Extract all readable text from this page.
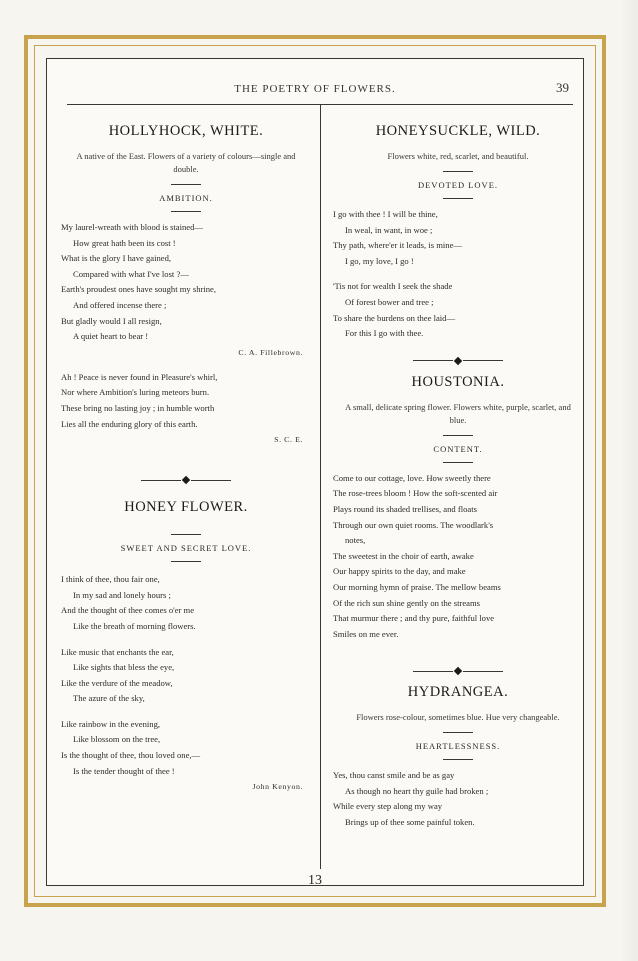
THE POETRY OF FLOWERS.	39
HOLLYHOCK, WHITE.
A native of the East. Flowers of a variety of colours—single and double.
AMBITION.
My laurel-wreath with blood is stained—
How great hath been its cost !
What is the glory I have gained,
Compared with what I've lost ?—
Earth's proudest ones have sought my shrine,
And offered incense there ;
But gladly would I all resign,
A quiet heart to bear !
C. A. Fillebrown.
Ah ! Peace is never found in Pleasure's whirl,
Nor where Ambition's luring meteors burn.
These bring no lasting joy ; in humble worth
Lies all the enduring glory of this earth.
S. C. E.
HONEY FLOWER.
SWEET AND SECRET LOVE.
I think of thee, thou fair one,
In my sad and lonely hours ;
And the thought of thee comes o'er me
Like the breath of morning flowers.
Like music that enchants the ear,
Like sights that bless the eye,
Like the verdure of the meadow,
The azure of the sky,
Like rainbow in the evening,
Like blossom on the tree,
Is the thought of thee, thou loved one,—
Is the tender thought of thee !
John Kenyon.
HONEYSUCKLE, WILD.
Flowers white, red, scarlet, and beautiful.
DEVOTED LOVE.
I go with thee ! I will be thine,
In weal, in want, in woe ;
Thy path, where'er it leads, is mine—
I go, my love, I go !
'Tis not for wealth I seek the shade
Of forest bower and tree ;
To share the burdens on thee laid—
For this I go with thee.
HOUSTONIA.
A small, delicate spring flower. Flowers white, purple, scarlet, and blue.
CONTENT.
Come to our cottage, love. How sweetly there
The rose-trees bloom ! How the soft-scented air
Plays round its shaded trellises, and floats
Through our own quiet rooms. The woodlark's
notes,
The sweetest in the choir of earth, awake
Our happy spirits to the day, and make
Our morning hymn of praise. The mellow beams
Of the rich sun shine gently on the streams
That murmur there ; and thy pure, faithful love
Smiles on me ever.
HYDRANGEA.
Flowers rose-colour, sometimes blue. Hue very changeable.
HEARTLESSNESS.
Yes, thou canst smile and be as gay
As though no heart thy guile had broken ;
While every step along my way
Brings up of thee some painful token.
13
